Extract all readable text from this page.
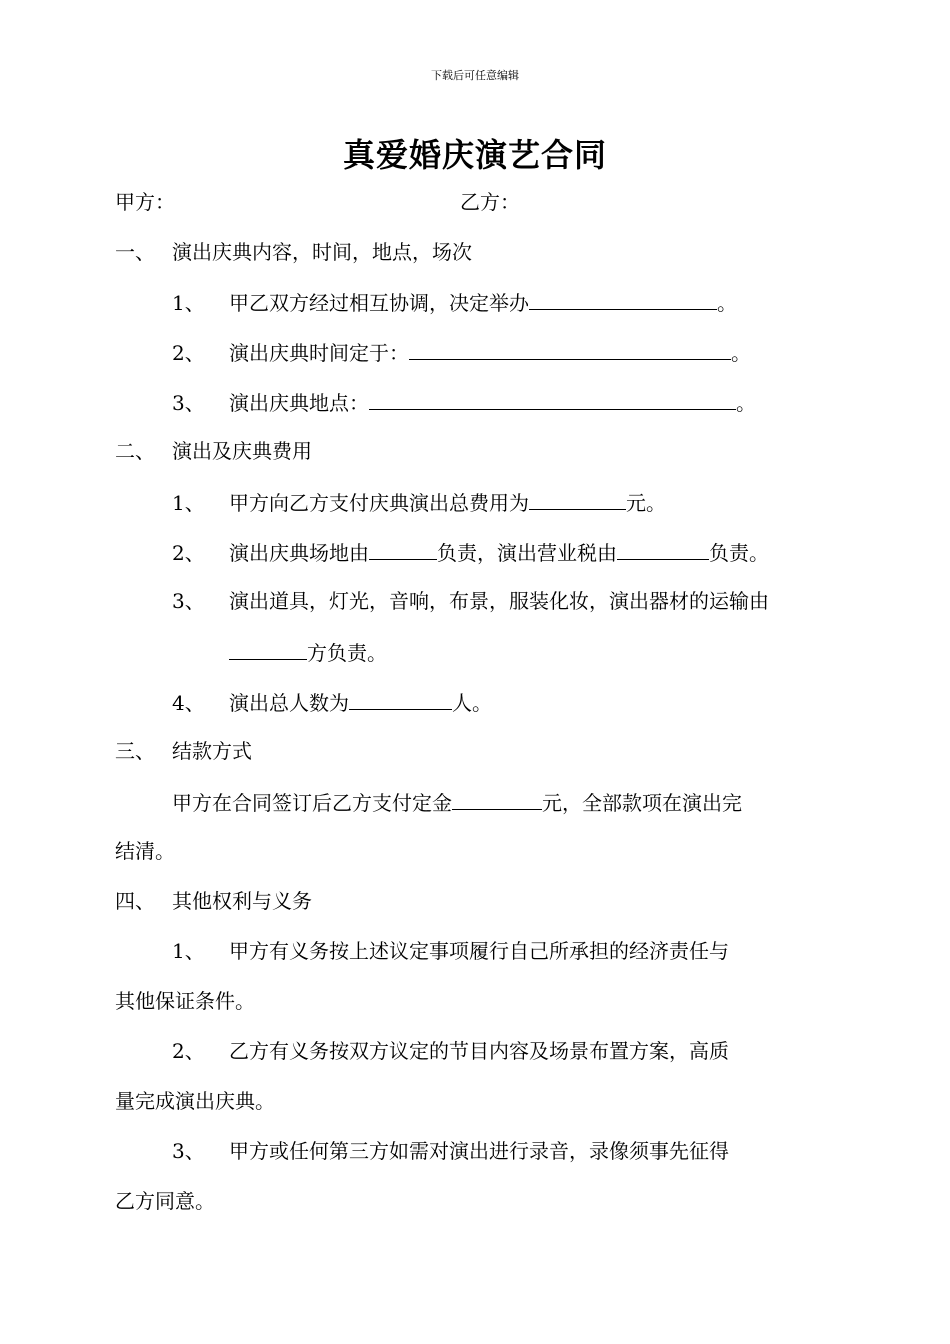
下载后可任意编辑
真爱婚庆演艺合同
甲方：	乙方：
一、 演出庆典内容，时间，地点，场次
1、 甲乙双方经过相互协调，决定举办	。
2、 演出庆典时间定于：	。
3、 演出庆典地点：	。
二、 演出及庆典费用
1、 甲方向乙方支付庆典演出总费用为	元。
2、 演出庆典场地由	负责，演出营业税由	负责。
3、 演出道具，灯光，音响，布景，服装化妆，演出器材的运输由
方负责。
4、 演出总人数为	人。
三、 结款方式
甲方在合同签订后乙方支付定金	元，全部款项在演出完
结清。
四、 其他权利与义务
1、 甲方有义务按上述议定事项履行自己所承担的经济责任与
其他保证条件。
2、 乙方有义务按双方议定的节目内容及场景布置方案，高质
量完成演出庆典。
3、 甲方或任何第三方如需对演出进行录音，录像须事先征得
乙方同意。
